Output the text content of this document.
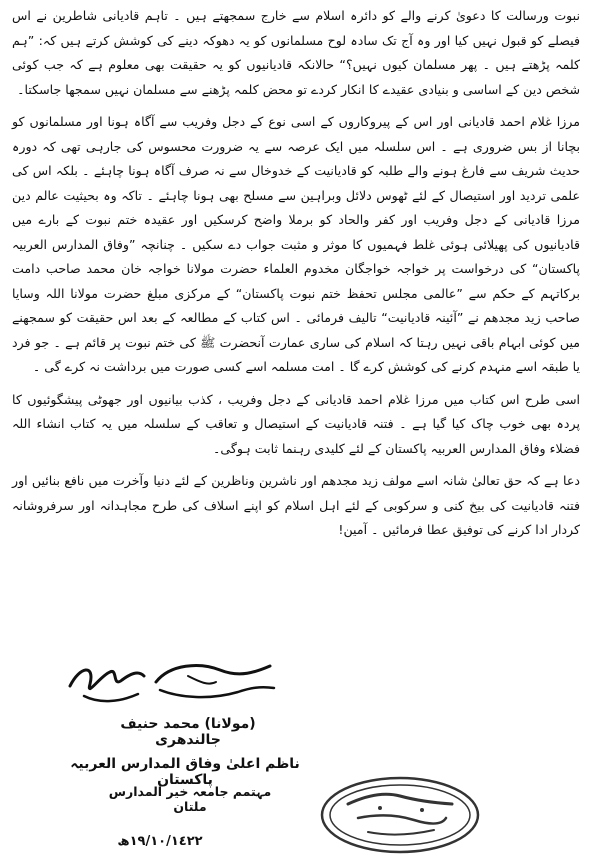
نبوت ورسالت کا دعویٰ کرنے والے کو دائرہ اسلام سے خارج سمجھتے ہیں ۔ تاہم قادیانی شاطرین نے اس فیصلے کو قبول نہیں کیا اور وہ آج تک سادہ لوح مسلمانوں کو یہ دھوکہ دینے کی کوشش کرتے ہیں کہ: ”ہم کلمہ پڑھتے ہیں ۔ پھر مسلمان کیوں نہیں؟“ حالانکہ قادیانیوں کو یہ حقیقت بھی معلوم ہے کہ جب کوئی شخص دین کے اساسی و بنیادی عقیدے کا انکار کردے تو محض کلمہ پڑھنے سے مسلمان نہیں سمجھا جاسکتا۔

مرزا غلام احمد قادیانی اور اس کے پیروکاروں کے اسی نوع کے دجل وفریب سے آگاہ ہونا اور مسلمانوں کو بچانا از بس ضروری ہے ۔ اس سلسلہ میں ایک عرصہ سے یہ ضرورت محسوس کی جارہی تھی کہ دورہ حدیث شریف سے فارغ ہونے والے طلبہ کو قادیانیت کے خدوخال سے نہ صرف آگاہ ہونا چاہئے ۔ بلکہ اس کی علمی تردید اور استیصال کے لئے ٹھوس دلائل وبراہین سے مسلح بھی ہونا چاہئے ۔ تاکہ وہ بحیثیت عالم دین مرزا قادیانی کے دجل وفریب اور کفر والحاد کو برملا واضح کرسکیں اور عقیدہ ختم نبوت کے بارے میں قادیانیوں کی پھیلائی ہوئی غلط فہمیوں کا موثر و مثبت جواب دے سکیں ۔ چنانچہ ”وفاق المدارس العربیہ پاکستان“ کی درخواست پر خواجہ خواجگان مخدوم العلماء حضرت مولانا خواجہ خان محمد صاحب دامت برکاتہم کے حکم سے ”عالمی مجلس تحفظ ختم نبوت پاکستان“ کے مرکزی مبلغ حضرت مولانا اللہ وسایا صاحب زید مجدھم نے ”آئینہ قادیانیت“ تالیف فرمائی ۔ اس کتاب کے مطالعہ کے بعد اس حقیقت کو سمجھنے میں کوئی ابہام باقی نہیں رہتا کہ اسلام کی ساری عمارت آنحضرت ﷺ کی ختم نبوت پر قائم ہے ۔ جو فرد یا طبقہ اسے منہدم کرنے کی کوشش کرے گا ۔ امت مسلمہ اسے کسی صورت میں برداشت نہ کرے گی ۔

اسی طرح اس کتاب میں مرزا غلام احمد قادیانی کے دجل وفریب ، کذب بیانیوں اور جھوٹی پیشگوئیوں کا پردہ بھی خوب چاک کیا گیا ہے ۔ فتنہ قادیانیت کے استیصال و تعاقب کے سلسلہ میں یہ کتاب انشاء اللہ فضلاء وفاق المدارس العربیہ پاکستان کے لئے کلیدی رہنما ثابت ہوگی۔

دعا ہے کہ حق تعالیٰ شانہ اسے مولف زید مجدھم اور ناشرین وناظرین کے لئے دنیا وآخرت میں نافع بنائیں اور فتنہ قادیانیت کی بیخ کنی و سرکوبی کے لئے اہل اسلام کو اپنے اسلاف کی طرح مجاہدانہ اور سرفروشانہ کردار ادا کرنے کی توفیق عطا فرمائیں ۔ آمین!

(مولانا) محمد حنیف جالندھری
ناظم اعلیٰ وفاق المدارس العربیہ پاکستان
مہتمم جامعہ خیر المدارس ملتان
١٩/١٠/١٤٢٢ھ
